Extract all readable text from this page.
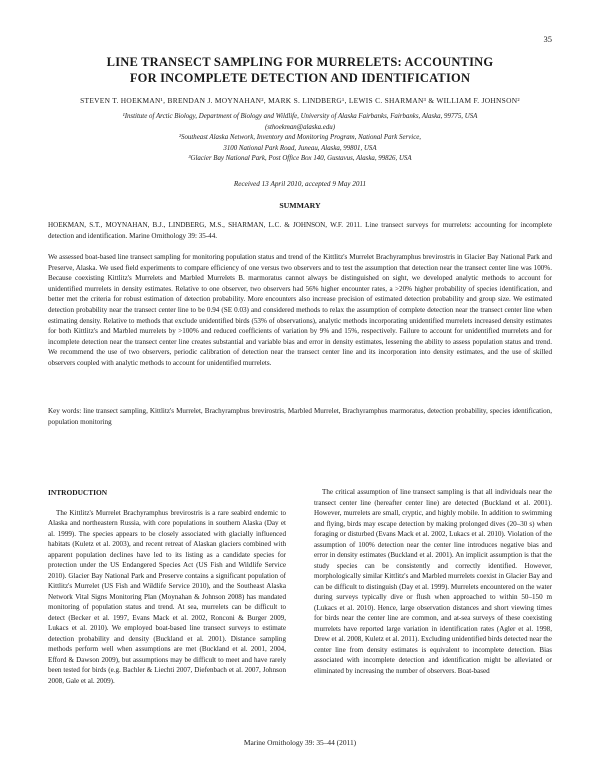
35
LINE TRANSECT SAMPLING FOR MURRELETS: ACCOUNTING
FOR INCOMPLETE DETECTION AND IDENTIFICATION
STEVEN T. HOEKMAN¹, BRENDAN J. MOYNAHAN², MARK S. LINDBERG¹, LEWIS C. SHARMAN³ & WILLIAM F. JOHNSON²
¹Institute of Arctic Biology, Department of Biology and Wildlife, University of Alaska Fairbanks, Fairbanks, Alaska, 99775, USA
(sthoekman@alaska.edu)
²Southeast Alaska Network, Inventory and Monitoring Program, National Park Service,
3100 National Park Road, Juneau, Alaska, 99801, USA
³Glacier Bay National Park, Post Office Box 140, Gustavus, Alaska, 99826, USA
Received 13 April 2010, accepted 9 May 2011
SUMMARY
HOEKMAN, S.T., MOYNAHAN, B.J., LINDBERG, M.S., SHARMAN, L.C. & JOHNSON, W.F. 2011. Line transect surveys for murrelets: accounting for incomplete detection and identification. Marine Ornithology 39: 35-44.
We assessed boat-based line transect sampling for monitoring population status and trend of the Kittlitz's Murrelet Brachyramphus brevirostris in Glacier Bay National Park and Preserve, Alaska. We used field experiments to compare efficiency of one versus two observers and to test the assumption that detection near the transect center line was 100%. Because coexisting Kittlitz's Murrelets and Marbled Murrelets B. marmoratus cannot always be distinguished on sight, we developed analytic methods to account for unidentified murrelets in density estimates. Relative to one observer, two observers had 56% higher encounter rates, a >20% higher probability of species identification, and better met the criteria for robust estimation of detection probability. More encounters also increase precision of estimated detection probability and group size. We estimated detection probability near the transect center line to be 0.94 (SE 0.03) and considered methods to relax the assumption of complete detection near the transect center line when estimating density. Relative to methods that exclude unidentified birds (53% of observations), analytic methods incorporating unidentified murrelets increased density estimates for both Kittlitz's and Marbled murrelets by >100% and reduced coefficients of variation by 9% and 15%, respectively. Failure to account for unidentified murrelets and for incomplete detection near the transect center line creates substantial and variable bias and error in density estimates, lessening the ability to assess population status and trend. We recommend the use of two observers, periodic calibration of detection near the transect center line and its incorporation into density estimates, and the use of skilled observers coupled with analytic methods to account for unidentified murrelets.
Key words: line transect sampling, Kittlitz's Murrelet, Brachyramphus brevirostris, Marbled Murrelet, Brachyramphus marmoratus, detection probability, species identification, population monitoring
INTRODUCTION

The Kittlitz's Murrelet Brachyramphus brevirostris is a rare seabird endemic to Alaska and northeastern Russia, with core populations in southern Alaska (Day et al. 1999). The species appears to be closely associated with glacially influenced habitats (Kuletz et al. 2003), and recent retreat of Alaskan glaciers combined with apparent population declines have led to its listing as a candidate species for protection under the US Endangered Species Act (US Fish and Wildlife Service 2010). Glacier Bay National Park and Preserve contains a significant population of Kittlitz's Murrelet (US Fish and Wildlife Service 2010), and the Southeast Alaska Network Vital Signs Monitoring Plan (Moynahan & Johnson 2008) has mandated monitoring of population status and trend. At sea, murrelets can be difficult to detect (Becker et al. 1997, Evans Mack et al. 2002, Ronconi & Burger 2009, Lukacs et al. 2010). We employed boat-based line transect surveys to estimate detection probability and density (Buckland et al. 2001). Distance sampling methods perform well when assumptions are met (Buckland et al. 2001, 2004, Efford & Dawson 2009), but assumptions may be difficult to meet and have rarely been tested for birds (e.g. Bachler & Liechti 2007, Diefenbach et al. 2007, Johnson 2008, Gale et al. 2009).

The critical assumption of line transect sampling is that all individuals near the transect center line (hereafter center line) are detected (Buckland et al. 2001). However, murrelets are small, cryptic, and highly mobile. In addition to swimming and flying, birds may escape detection by making prolonged dives (20–30 s) when foraging or disturbed (Evans Mack et al. 2002, Lukacs et al. 2010). Violation of the assumption of 100% detection near the center line introduces negative bias and error in density estimates (Buckland et al. 2001). An implicit assumption is that the study species can be consistently and correctly identified. However, morphologically similar Kittlitz's and Marbled murrelets coexist in Glacier Bay and can be difficult to distinguish (Day et al. 1999). Murrelets encountered on the water during surveys typically dive or flush when approached to within 50–150 m (Lukacs et al. 2010). Hence, large observation distances and short viewing times for birds near the center line are common, and at-sea surveys of these coexisting murrelets have reported large variation in identification rates (Agler et al. 1998, Drew et al. 2008, Kuletz et al. 2011). Excluding unidentified birds detected near the center line from density estimates is equivalent to incomplete detection. Bias associated with incomplete detection and identification might be alleviated or eliminated by increasing the number of observers. Boat-based

Marine Ornithology 39: 35–44 (2011)
